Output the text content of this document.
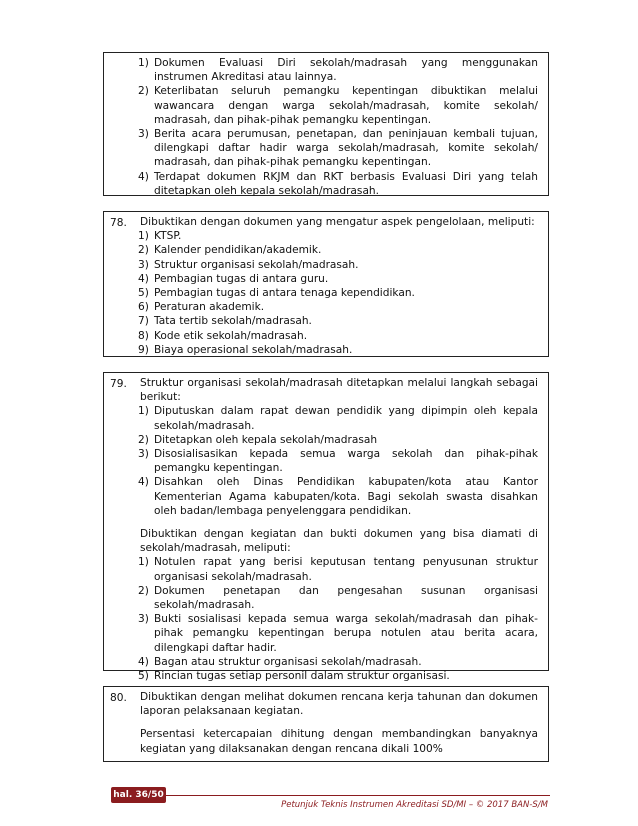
1) Dokumen Evaluasi Diri sekolah/madrasah yang menggunakan instrumen Akreditasi atau lainnya.
2) Keterlibatan seluruh pemangku kepentingan dibuktikan melalui wawancara dengan warga sekolah/madrasah, komite sekolah/ madrasah, dan pihak-pihak pemangku kepentingan.
3) Berita acara perumusan, penetapan, dan peninjauan kembali tujuan, dilengkapi daftar hadir warga sekolah/madrasah, komite sekolah/ madrasah, dan pihak-pihak pemangku kepentingan.
4) Terdapat dokumen RKJM dan RKT berbasis Evaluasi Diri yang telah ditetapkan oleh kepala sekolah/madrasah.
78. Dibuktikan dengan dokumen yang mengatur aspek pengelolaan, meliputi:

1) KTSP.
2) Kalender pendidikan/akademik.
3) Struktur organisasi sekolah/madrasah.
4) Pembagian tugas di antara guru.
5) Pembagian tugas di antara tenaga kependidikan.
6) Peraturan akademik.
7) Tata tertib sekolah/madrasah.
8) Kode etik sekolah/madrasah.
9) Biaya operasional sekolah/madrasah.
79. Struktur organisasi sekolah/madrasah ditetapkan melalui langkah sebagai berikut:

1) Diputuskan dalam rapat dewan pendidik yang dipimpin oleh kepala sekolah/madrasah.
2) Ditetapkan oleh kepala sekolah/madrasah
3) Disosialisasikan kepada semua warga sekolah dan pihak-pihak pemangku kepentingan.
4) Disahkan oleh Dinas Pendidikan kabupaten/kota atau Kantor Kementerian Agama kabupaten/kota. Bagi sekolah swasta disahkan oleh badan/lembaga penyelenggara pendidikan.

Dibuktikan dengan kegiatan dan bukti dokumen yang bisa diamati di sekolah/madrasah, meliputi:

1) Notulen rapat yang berisi keputusan tentang penyusunan struktur organisasi sekolah/madrasah.
2) Dokumen penetapan dan pengesahan susunan organisasi sekolah/madrasah.
3) Bukti sosialisasi kepada semua warga sekolah/madrasah dan pihak-pihak pemangku kepentingan berupa notulen atau berita acara, dilengkapi daftar hadir.
4) Bagan atau struktur organisasi sekolah/madrasah.
5) Rincian tugas setiap personil dalam struktur organisasi.
80. Dibuktikan dengan melihat dokumen rencana kerja tahunan dan dokumen laporan pelaksanaan kegiatan.

Persentasi ketercapaian dihitung dengan membandingkan banyaknya kegiatan yang dilaksanakan dengan rencana dikali 100%

hal. 36/50
Petunjuk Teknis Instrumen Akreditasi SD/MI – © 2017 BAN-S/M
